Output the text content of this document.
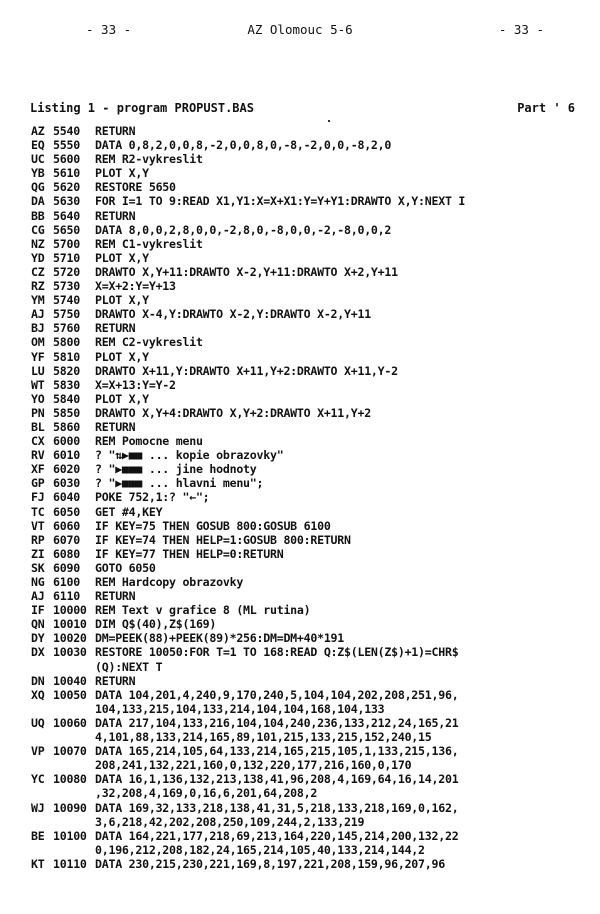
- 33 -	AZ Olomouc 5-6	- 33 -
Listing 1 - program PROPUST.BAS	Part ' 6
AZ 5540	RETURN
EQ 5550	DATA 0,8,2,0,0,8,-2,0,0,8,0,-8,-2,0,0,-8,2,0
UC 5600	REM R2-vykreslit
YB 5610	PLOT X,Y
QG 5620	RESTORE 5650
DA 5630	FOR I=1 TO 9:READ X1,Y1:X=X+X1:Y=Y+Y1:DRAWTO X,Y:NEXT I
BB 5640	RETURN
CG 5650	DATA 8,0,0,2,8,0,0,-2,8,0,-8,0,0,-2,-8,0,0,2
NZ 5700	REM C1-vykreslit
YD 5710	PLOT X,Y
CZ 5720	DRAWTO X,Y+11:DRAWTO X-2,Y+11:DRAWTO X+2,Y+11
RZ 5730	X=X+2:Y=Y+13
YM 5740	PLOT X,Y
AJ 5750	DRAWTO X-4,Y:DRAWTO X-2,Y:DRAWTO X-2,Y+11
BJ 5760	RETURN
OM 5800	REM C2-vykreslit
YF 5810	PLOT X,Y
LU 5820	DRAWTO X+11,Y:DRAWTO X+11,Y+2:DRAWTO X+11,Y-2
WT 5830	X=X+13:Y=Y-2
YO 5840	PLOT X,Y
PN 5850	DRAWTO X,Y+4:DRAWTO X,Y+2:DRAWTO X+11,Y+2
BL 5860	RETURN
CX 6000	REM Pomocne menu
RV 6010	? "⇅▶■■ ... kopie obrazovky"
XF 6020	? "▶■■■ ... jine hodnoty
GP 6030	? "▶■■■ ... hlavni menu";
FJ 6040	POKE 752,1:? "←";
TC 6050	GET #4,KEY
VT 6060	IF KEY=75 THEN GOSUB 800:GOSUB 6100
RP 6070	IF KEY=74 THEN HELP=1:GOSUB 800:RETURN
ZI 6080	IF KEY=77 THEN HELP=0:RETURN
SK 6090	GOTO 6050
NG 6100	REM Hardcopy obrazovky
AJ 6110	RETURN
IF 10000 REM Text v grafice 8 (ML rutina)
QN 10010 DIM Q$(40),Z$(169)
DY 10020 DM=PEEK(88)+PEEK(89)*256:DM=DM+40*191
DX 10030 RESTORE 10050:FOR T=1 TO 168:READ Q:Z$(LEN(Z$)+1)=CHR$
(Q):NEXT T
DN 10040 RETURN
XQ 10050 DATA 104,201,4,240,9,170,240,5,104,104,202,208,251,96,
104,133,215,104,133,214,104,104,168,104,133
UQ 10060 DATA 217,104,133,216,104,104,240,236,133,212,24,165,21
4,101,88,133,214,165,89,101,215,133,215,152,240,15
VP 10070 DATA 165,214,105,64,133,214,165,215,105,1,133,215,136,
208,241,132,221,160,0,132,220,177,216,160,0,170
YC 10080 DATA 16,1,136,132,213,138,41,96,208,4,169,64,16,14,201
,32,208,4,169,0,16,6,201,64,208,2
WJ 10090 DATA 169,32,133,218,138,41,31,5,218,133,218,169,0,162,
3,6,218,42,202,208,250,109,244,2,133,219
BE 10100 DATA 164,221,177,218,69,213,164,220,145,214,200,132,22
0,196,212,208,182,24,165,214,105,40,133,214,144,2
KT 10110 DATA 230,215,230,221,169,8,197,221,208,159,96,207,96
